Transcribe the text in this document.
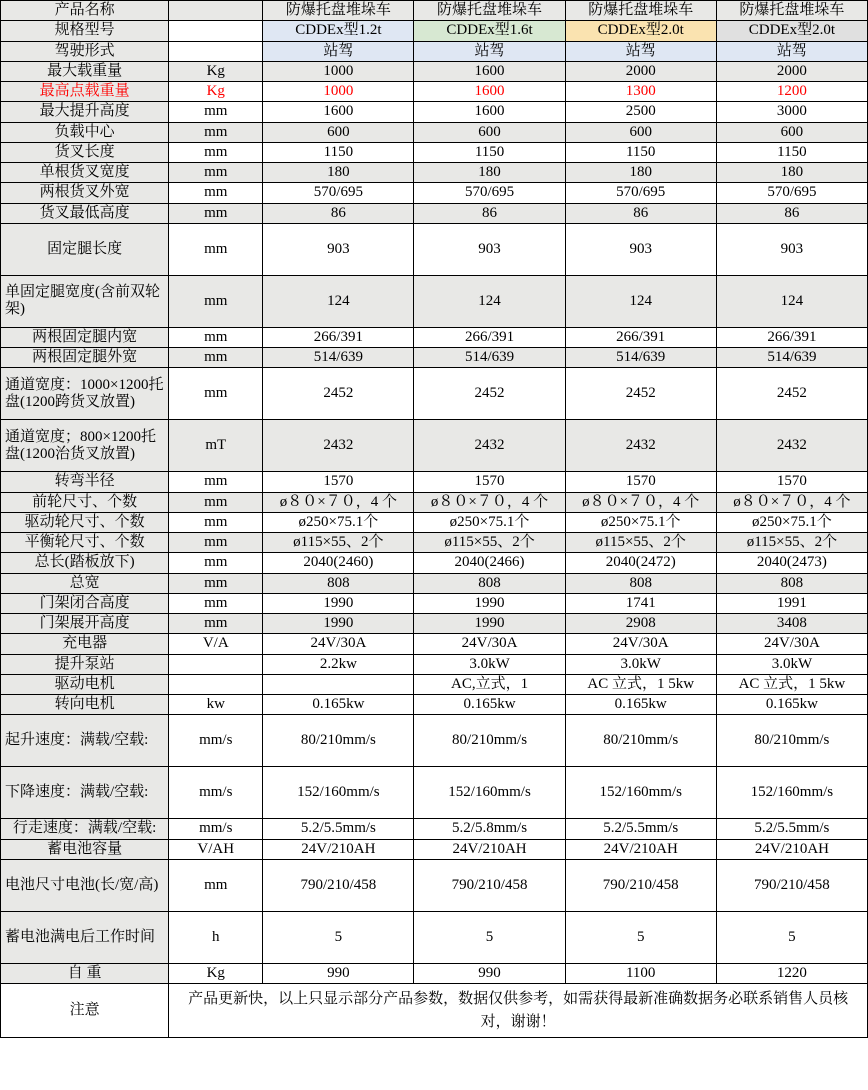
产品名称		防爆托盘堆垛车	防爆托盘堆垛车	防爆托盘堆垛车	防爆托盘堆垛车
规格型号		CDDEx型1.2t	CDDEx型1.6t	CDDEx型2.0t	CDDEx型2.0t
驾驶形式		站驾	站驾	站驾	站驾
最大载重量	Kg	1000	1600	2000	2000
最高点载重量	Kg	1000	1600	1300	1200
最大提升高度	mm	1600	1600	2500	3000
负载中心	mm	600	600	600	600
货叉长度	mm	1150	1150	1150	1150
单根货叉宽度	mm	180	180	180	180
两根货叉外宽	mm	570/695	570/695	570/695	570/695
货叉最低高度	mm	86	86	86	86
固定腿长度	mm	903	903	903	903
单固定腿宽度(含前双轮架)	mm	124	124	124	124
两根固定腿内宽	mm	266/391	266/391	266/391	266/391
两根固定腿外宽	mm	514/639	514/639	514/639	514/639
通道宽度：1000×1200托盘(1200跨货叉放置)	mm	2452	2452	2452	2452
通道宽度；800×1200托盘(1200治货叉放置)	mT	2432	2432	2432	2432
转弯半径	mm	1570	1570	1570	1570
前轮尺寸、个数	mm	ø８０×７０，4 个	ø８０×７０，4 个	ø８０×７０，4 个	ø８０×７０，4 个
驱动轮尺寸、个数	mm	ø250×75.1个	ø250×75.1个	ø250×75.1个	ø250×75.1个
平衡轮尺寸、个数	mm	ø115×55、2个	ø115×55、2个	ø115×55、2个	ø115×55、2个
总长(踏板放下)	mm	2040(2460)	2040(2466)	2040(2472)	2040(2473)
总宽	mm	808	808	808	808
门架闭合高度	mm	1990	1990	1741	1991
门架展开高度	mm	1990	1990	2908	3408
充电器	V/A	24V/30A	24V/30A	24V/30A	24V/30A
提升泵站		2.2kw	3.0kW	3.0kW	3.0kW
驱动电机			AC,立式，1	AC 立式，1 5kw	AC 立式，1 5kw
转向电机	kw	0.165kw	0.165kw	0.165kw	0.165kw
起升速度：满载/空载:	mm/s	80/210mm/s	80/210mm/s	80/210mm/s	80/210mm/s
下降速度：满载/空载:	mm/s	152/160mm/s	152/160mm/s	152/160mm/s	152/160mm/s
行走速度：满载/空载:	mm/s	5.2/5.5mm/s	5.2/5.8mm/s	5.2/5.5mm/s	5.2/5.5mm/s
蓄电池容量	V/AH	24V/210AH	24V/210AH	24V/210AH	24V/210AH
电池尺寸电池(长/宽/高)	mm	790/210/458	790/210/458	790/210/458	790/210/458
蓄电池满电后工作时间	h	5	5	5	5
自 重	Kg	990	990	1100	1220
注意	产品更新快，以上只显示部分产品参数，数据仅供参考，如需获得最新准确数据务必联系销售人员核对，谢谢！				
